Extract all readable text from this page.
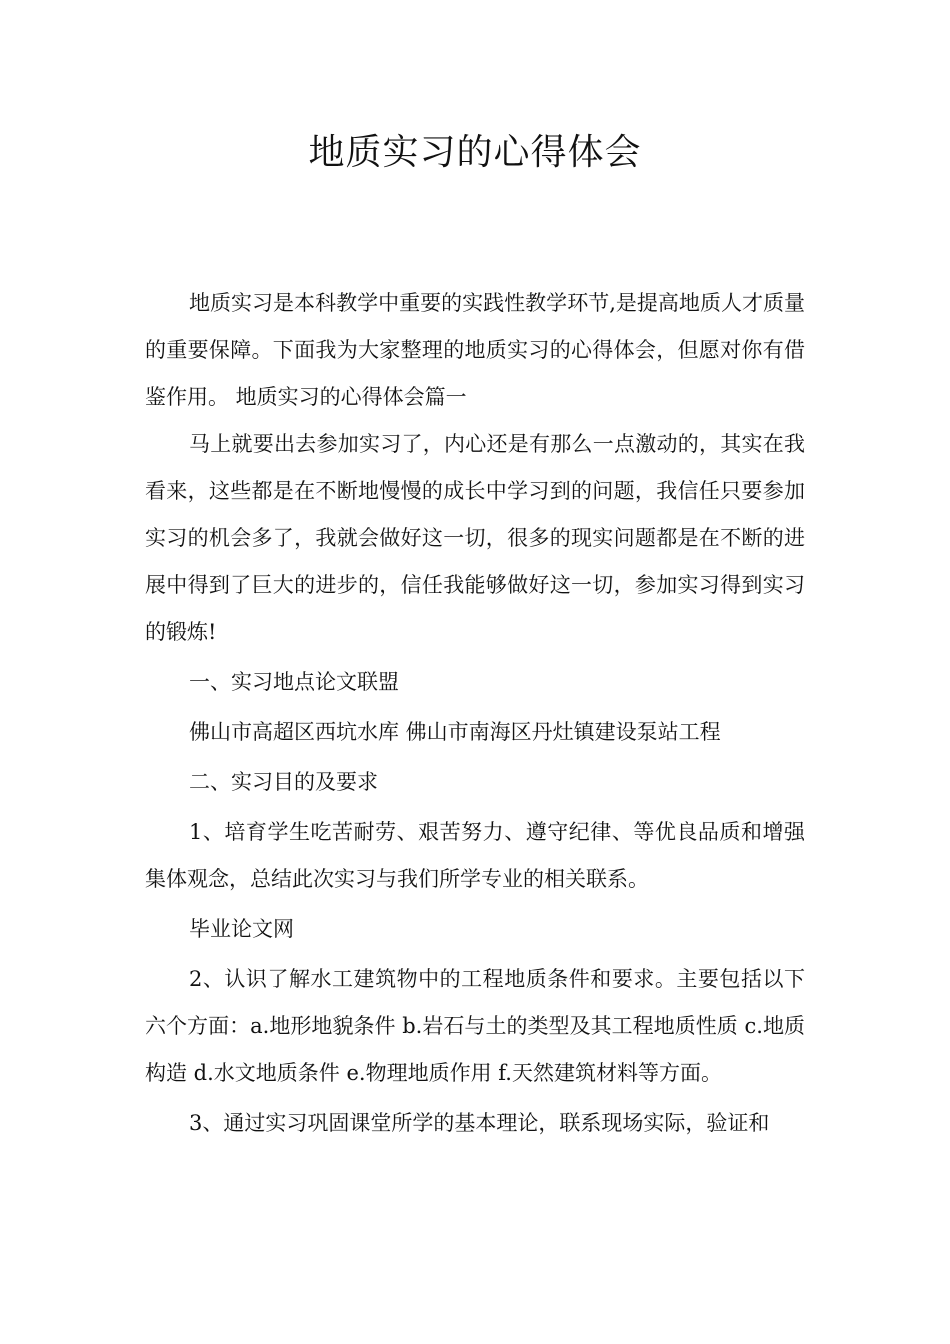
地质实习的心得体会

地质实习是本科教学中重要的实践性教学环节,是提高地质人才质量的重要保障。下面我为大家整理的地质实习的心得体会，但愿对你有借鉴作用。 地质实习的心得体会篇一

马上就要出去参加实习了，内心还是有那么一点激动的，其实在我看来，这些都是在不断地慢慢的成长中学习到的问题，我信任只要参加实习的机会多了，我就会做好这一切，很多的现实问题都是在不断的进展中得到了巨大的进步的，信任我能够做好这一切，参加实习得到实习的锻炼!

一、实习地点论文联盟

佛山市高超区西坑水库 佛山市南海区丹灶镇建设泵站工程

二、实习目的及要求

1、培育学生吃苦耐劳、艰苦努力、遵守纪律、等优良品质和增强集体观念，总结此次实习与我们所学专业的相关联系。

毕业论文网

2、认识了解水工建筑物中的工程地质条件和要求。主要包括以下六个方面：a.地形地貌条件 b.岩石与土的类型及其工程地质性质 c.地质构造 d.水文地质条件 e.物理地质作用 f.天然建筑材料等方面。

3、通过实习巩固课堂所学的基本理论，联系现场实际，验证和
